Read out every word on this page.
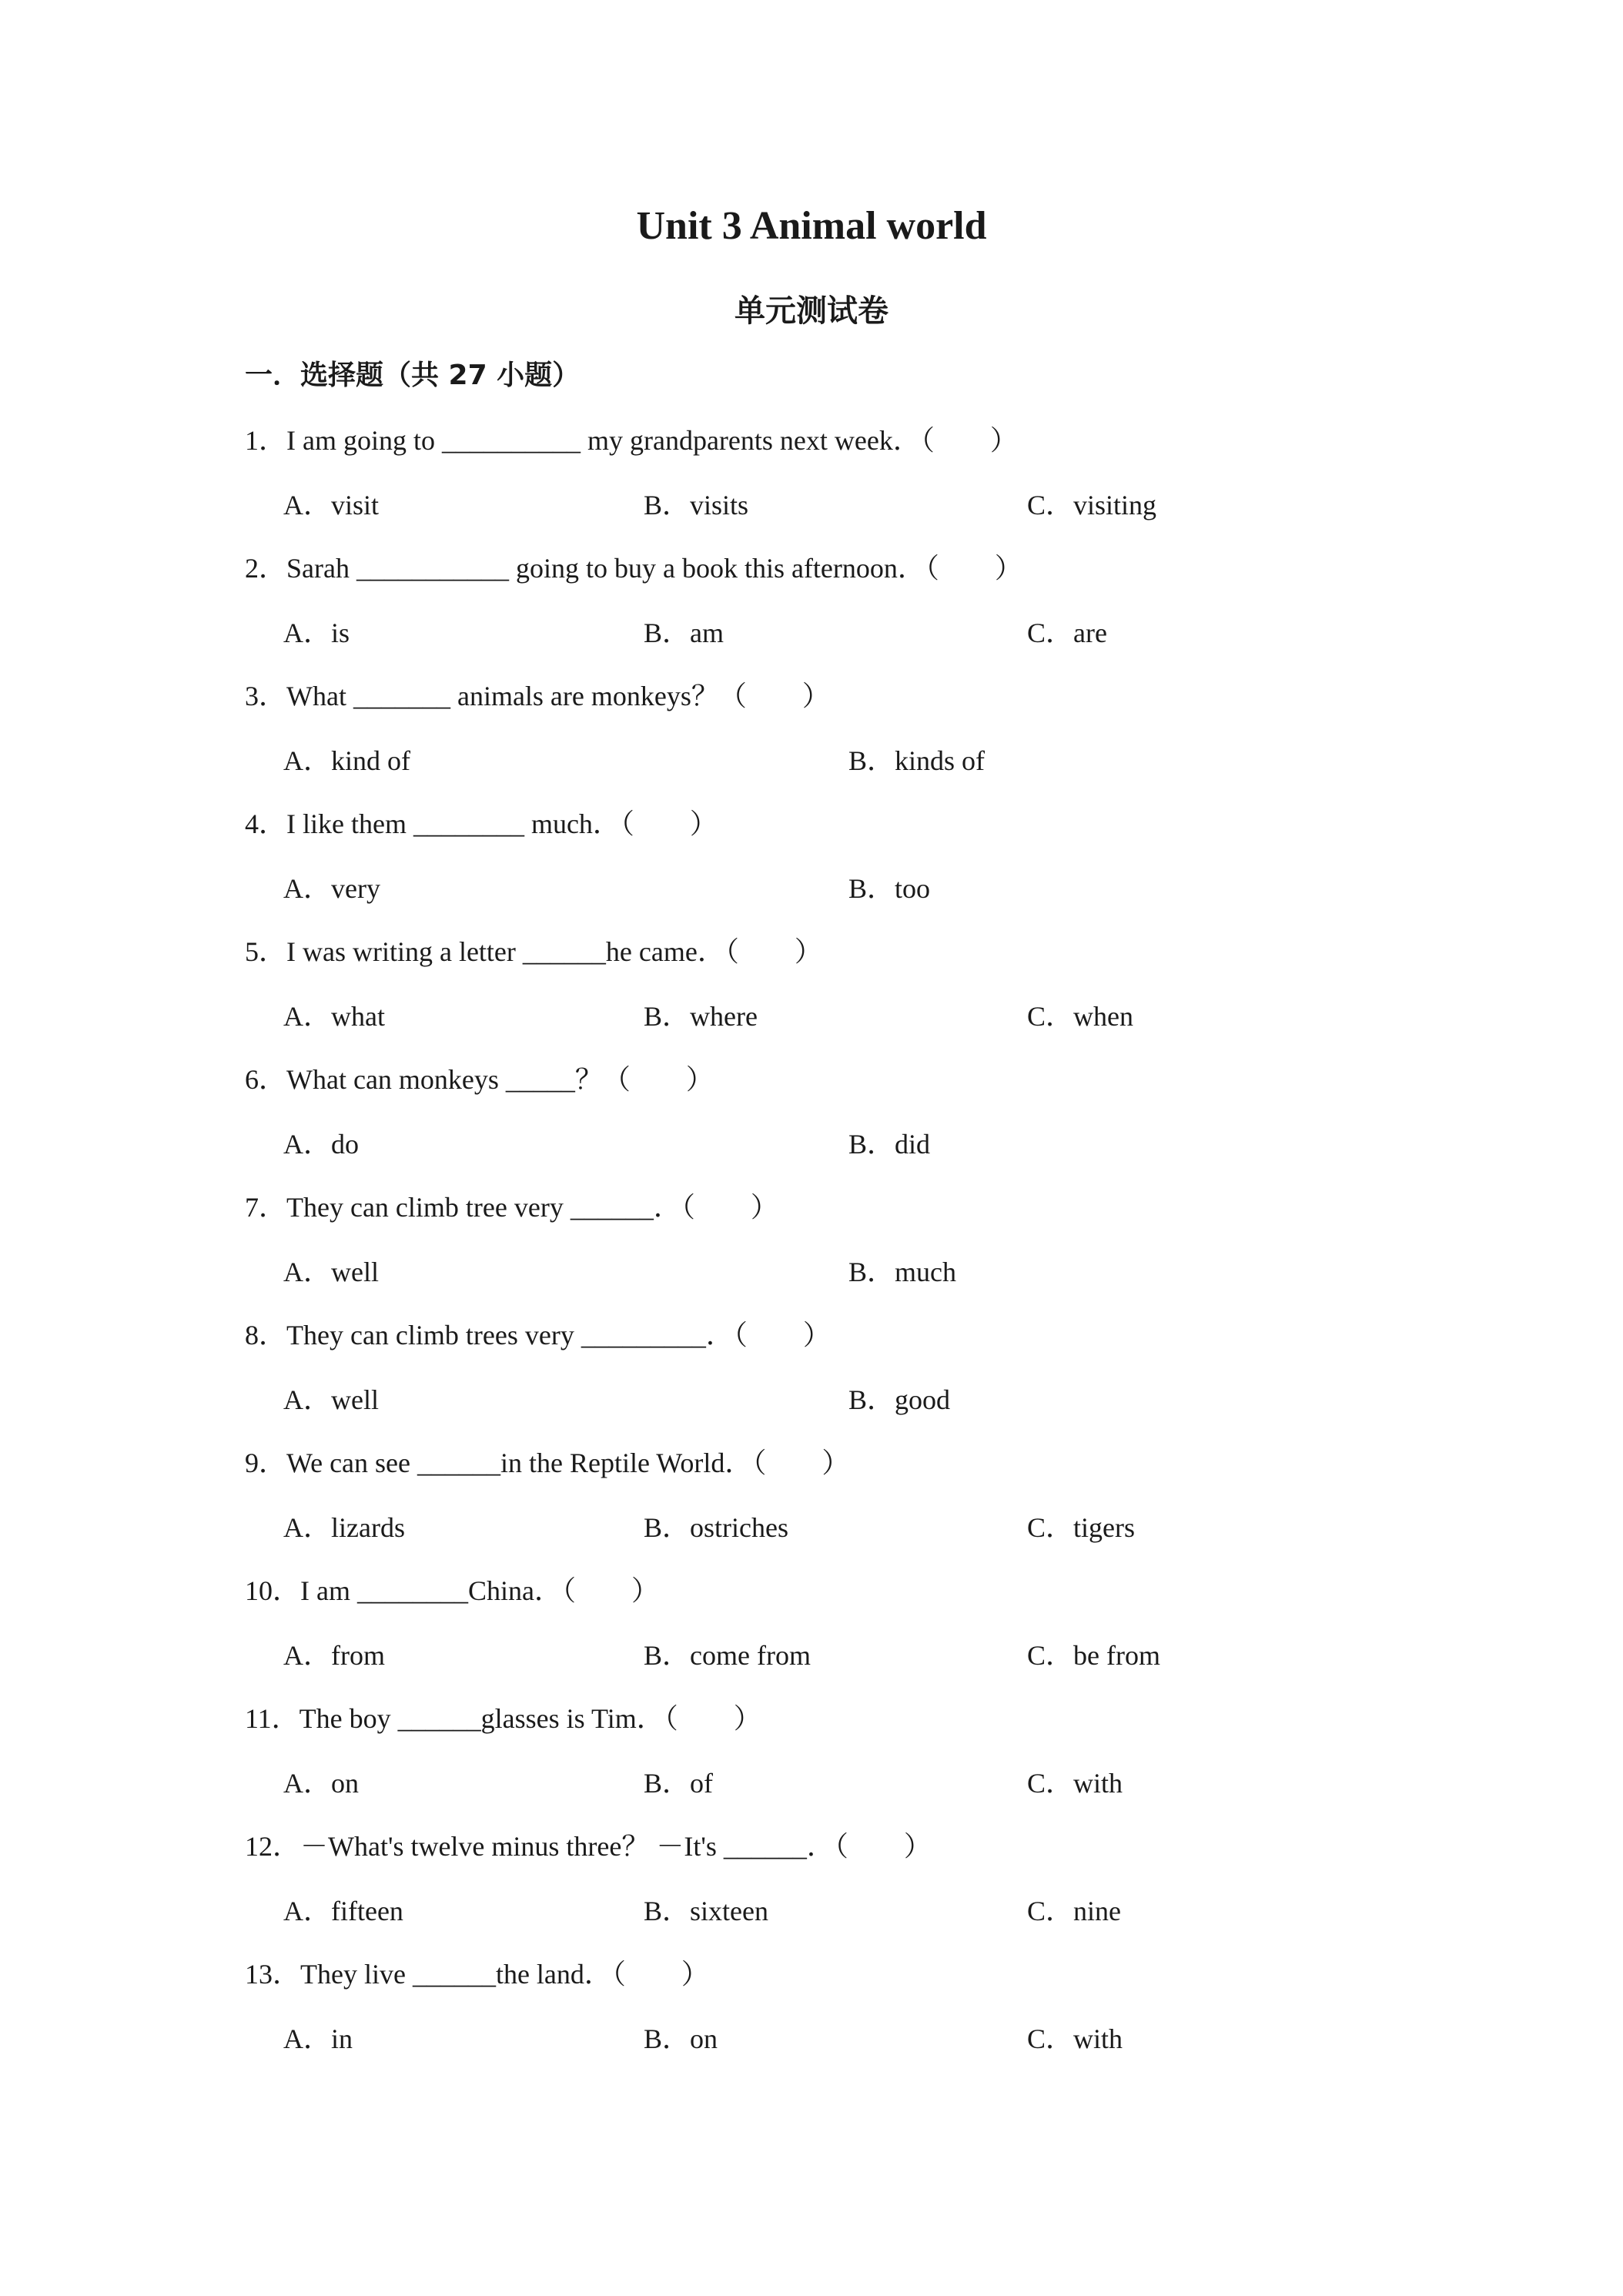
Unit 3 Animal world
单元测试卷
一．选择题（共 27 小题）
1．I am going to __________ my grandparents next week．（　　）
A．visit	B．visits	C．visiting
2．Sarah ___________ going to buy a book this afternoon．（　　）
A．is	B．am	C．are
3．What _______ animals are monkeys？（　　）
A．kind of	B．kinds of
4．I like them ________ much．（　　）
A．very	B．too
5．I was writing a letter ______he came．（　　）
A．what	B．where	C．when
6．What can monkeys _____？（　　）
A．do	B．did
7．They can climb tree very ______．（　　）
A．well	B．much
8．They can climb trees very _________．（　　）
A．well	B．good
9．We can see ______in the Reptile World．（　　）
A．lizards	B．ostriches	C．tigers
10．I am ________China．（　　）
A．from	B．come from	C．be from
11．The boy ______glasses is Tim．（　　）
A．on	B．of	C．with
12．－What's twelve minus three？ －It's ______．（　　）
A．fifteen	B．sixteen	C．nine
13．They live ______the land．（　　）
A．in	B．on	C．with
